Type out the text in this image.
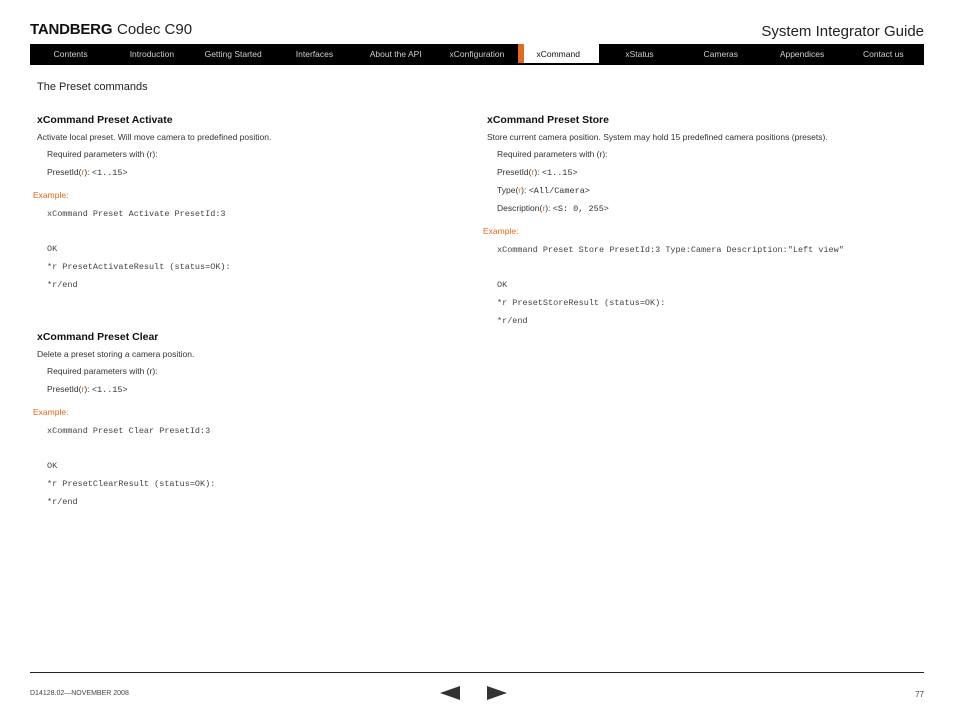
TANDBERG Codec C90	System Integrator Guide
Contents	Introduction	Getting Started	Interfaces	About the API	xConfiguration	xCommand	xStatus	Cameras	Appendices	Contact us
The Preset commands
xCommand Preset Activate
Activate local preset. Will move camera to predefined position.
Required parameters with (r):
PresetId(r): <1..15>
Example:
xCommand Preset Activate PresetId:3
OK
*r PresetActivateResult (status=OK):
*r/end
xCommand Preset Clear
Delete a preset storing a camera position.
Required parameters with (r):
PresetId(r): <1..15>
Example:
xCommand Preset Clear PresetId:3
OK
*r PresetClearResult (status=OK):
*r/end
xCommand Preset Store
Store current camera position. System may hold 15 predefined camera positions (presets).
Required parameters with (r):
PresetId(r): <1..15>
Type(r): <All/Camera>
Description(r): <S: 0, 255>
Example:
xCommand Preset Store PresetId:3 Type:Camera Description:"Left view"
OK
*r PresetStoreResult (status=OK):
*r/end
D14128.02—NOVEMBER 2008	77
